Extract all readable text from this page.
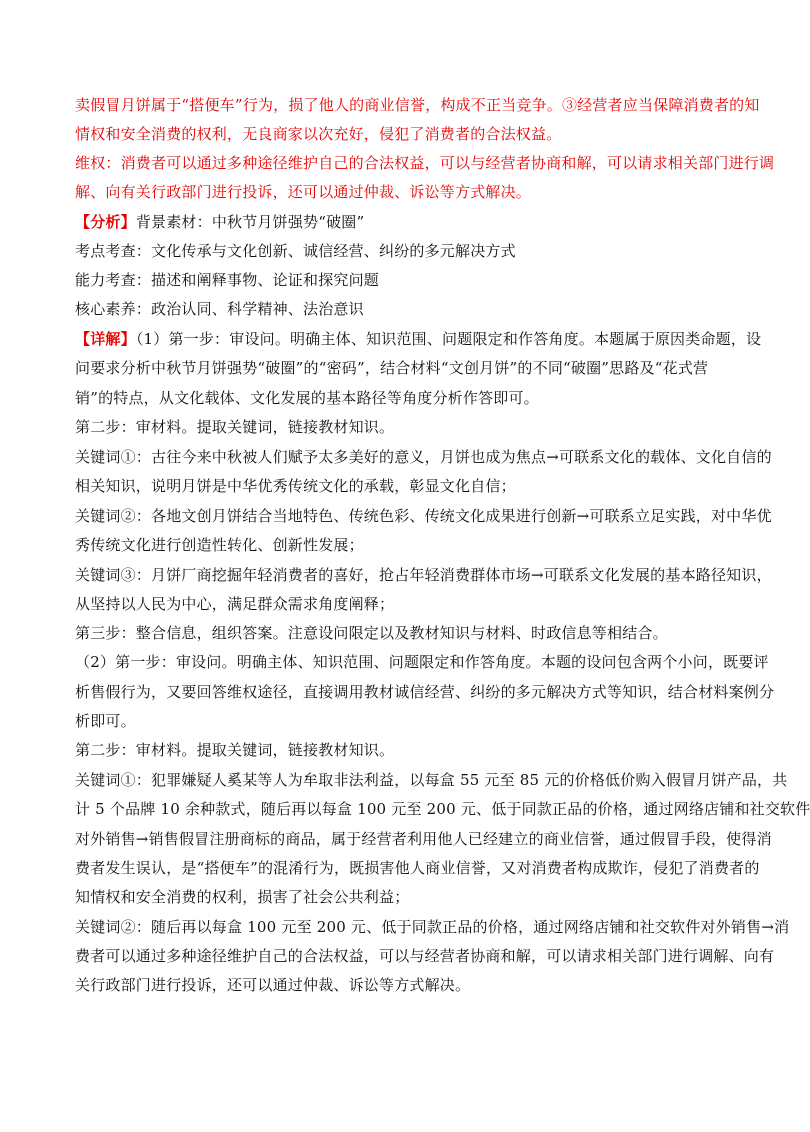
卖假冒月饼属于“搭便车”行为，损了他人的商业信誉，构成不正当竞争。③经营者应当保障消费者的知
情权和安全消费的权利，无良商家以次充好，侵犯了消费者的合法权益。
维权：消费者可以通过多种途径维护自己的合法权益，可以与经营者协商和解，可以请求相关部门进行调
解、向有关行政部门进行投诉，还可以通过仲裁、诉讼等方式解决。
【分析】背景素材：中秋节月饼强势“破圈”
考点考查：文化传承与文化创新、诚信经营、纠纷的多元解决方式
能力考查：描述和阐释事物、论证和探究问题
核心素养：政治认同、科学精神、法治意识
【详解】（1）第一步：审设问。明确主体、知识范围、问题限定和作答角度。本题属于原因类命题，设
问要求分析中秋节月饼强势“破圈”的“密码”，结合材料“文创月饼”的不同“破圈”思路及“花式营
销”的特点，从文化载体、文化发展的基本路径等角度分析作答即可。
第二步：审材料。提取关键词，链接教材知识。
关键词①：古往今来中秋被人们赋予太多美好的意义，月饼也成为焦点→可联系文化的载体、文化自信的
相关知识，说明月饼是中华优秀传统文化的承载，彰显文化自信；
关键词②：各地文创月饼结合当地特色、传统色彩、传统文化成果进行创新→可联系立足实践，对中华优
秀传统文化进行创造性转化、创新性发展；
关键词③：月饼厂商挖掘年轻消费者的喜好，抢占年轻消费群体市场→可联系文化发展的基本路径知识，
从坚持以人民为中心，满足群众需求角度阐释；
第三步：整合信息，组织答案。注意设问限定以及教材知识与材料、时政信息等相结合。
（2）第一步：审设问。明确主体、知识范围、问题限定和作答角度。本题的设问包含两个小问，既要评
析售假行为，又要回答维权途径，直接调用教材诚信经营、纠纷的多元解决方式等知识，结合材料案例分
析即可。
第二步：审材料。提取关键词，链接教材知识。
关键词①：犯罪嫌疑人奚某等人为牟取非法利益，以每盒 55 元至 85 元的价格低价购入假冒月饼产品，共
计 5 个品牌 10 余种款式，随后再以每盒 100 元至 200 元、低于同款正品的价格，通过网络店铺和社交软件
对外销售→销售假冒注册商标的商品，属于经营者利用他人已经建立的商业信誉，通过假冒手段，使得消
费者发生误认，是“搭便车”的混淆行为，既损害他人商业信誉，又对消费者构成欺诈，侵犯了消费者的
知情权和安全消费的权利，损害了社会公共利益；
关键词②：随后再以每盒 100 元至 200 元、低于同款正品的价格，通过网络店铺和社交软件对外销售→消
费者可以通过多种途径维护自己的合法权益，可以与经营者协商和解，可以请求相关部门进行调解、向有
关行政部门进行投诉，还可以通过仲裁、诉讼等方式解决。
